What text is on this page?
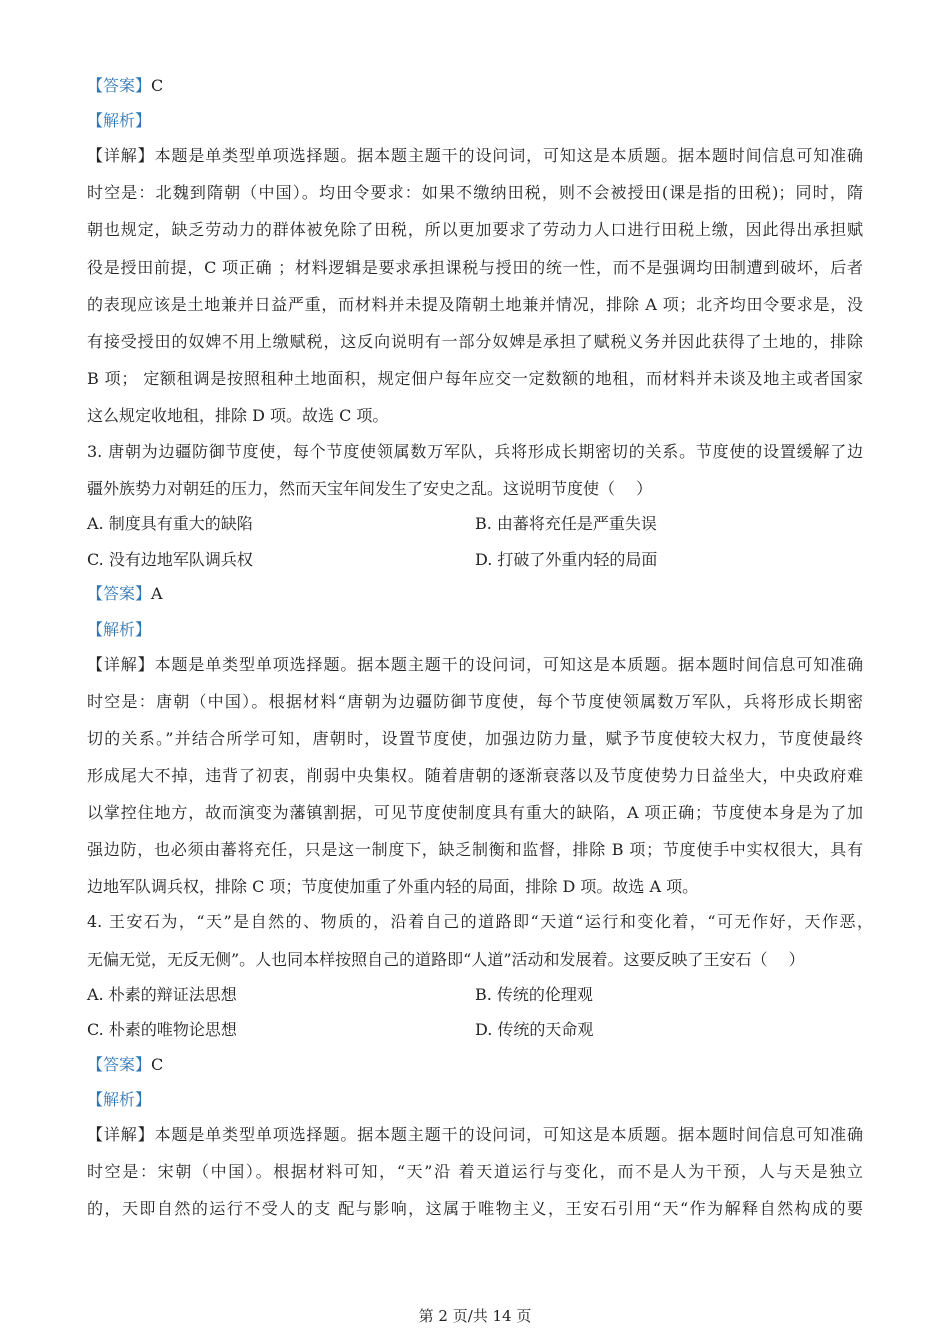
【答案】C
【解析】
【详解】本题是单类型单项选择题。据本题主题干的设问词，可知这是本质题。据本题时间信息可知准确
时空是：北魏到隋朝（中国）。均田令要求：如果不缴纳田税，则不会被授田(课是指的田税)；同时，隋
朝也规定，缺乏劳动力的群体被免除了田税，所以更加要求了劳动力人口进行田税上缴，因此得出承担赋
役是授田前提，C 项正确 ；材料逻辑是要求承担课税与授田的统一性，而不是强调均田制遭到破坏，后者
的表现应该是土地兼并日益严重，而材料并未提及隋朝土地兼并情况，排除 A 项；北齐均田令要求是，没
有接受授田的奴婢不用上缴赋税，这反向说明有一部分奴婢是承担了赋税义务并因此获得了土地的，排除
B 项； 定额租调是按照租种土地面积，规定佃户每年应交一定数额的地租，而材料并未谈及地主或者国家
这么规定收地租，排除 D 项。故选 C 项。
3. 唐朝为边疆防御节度使，每个节度使领属数万军队，兵将形成长期密切的关系。节度使的设置缓解了边
疆外族势力对朝廷的压力，然而天宝年间发生了安史之乱。这说明节度使（　 ）
A. 制度具有重大的缺陷	B. 由蕃将充任是严重失误
C. 没有边地军队调兵权	D. 打破了外重内轻的局面
【答案】A
【解析】
【详解】本题是单类型单项选择题。据本题主题干的设问词，可知这是本质题。据本题时间信息可知准确
时空是：唐朝（中国）。根据材料“唐朝为边疆防御节度使，每个节度使领属数万军队，兵将形成长期密
切的关系。”并结合所学可知，唐朝时，设置节度使，加强边防力量，赋予节度使较大权力，节度使最终
形成尾大不掉，违背了初衷，削弱中央集权。随着唐朝的逐渐衰落以及节度使势力日益坐大，中央政府难
以掌控住地方，故而演变为藩镇割据，可见节度使制度具有重大的缺陷，A 项正确；节度使本身是为了加
强边防，也必须由蕃将充任，只是这一制度下，缺乏制衡和监督，排除 B 项；节度使手中实权很大，具有
边地军队调兵权，排除 C 项；节度使加重了外重内轻的局面，排除 D 项。故选 A 项。
4. 王安石为，“天”是自然的、物质的，沿着自己的道路即“天道“运行和变化着，“可无作好，天作恶，
无偏无觉，无反无侧”。人也同本样按照自己的道路即“人道”活动和发展着。这要反映了王安石（　 ）
A. 朴素的辩证法思想	B. 传统的伦理观
C. 朴素的唯物论思想	D. 传统的天命观
【答案】C
【解析】
【详解】本题是单类型单项选择题。据本题主题干的设问词，可知这是本质题。据本题时间信息可知准确
时空是：宋朝（中国）。根据材料可知，“天”沿 着天道运行与变化，而不是人为干预，人与天是独立
的，天即自然的运行不受人的支 配与影响，这属于唯物主义，王安石引用“天“作为解释自然构成的要
第 2 页/共 14 页
